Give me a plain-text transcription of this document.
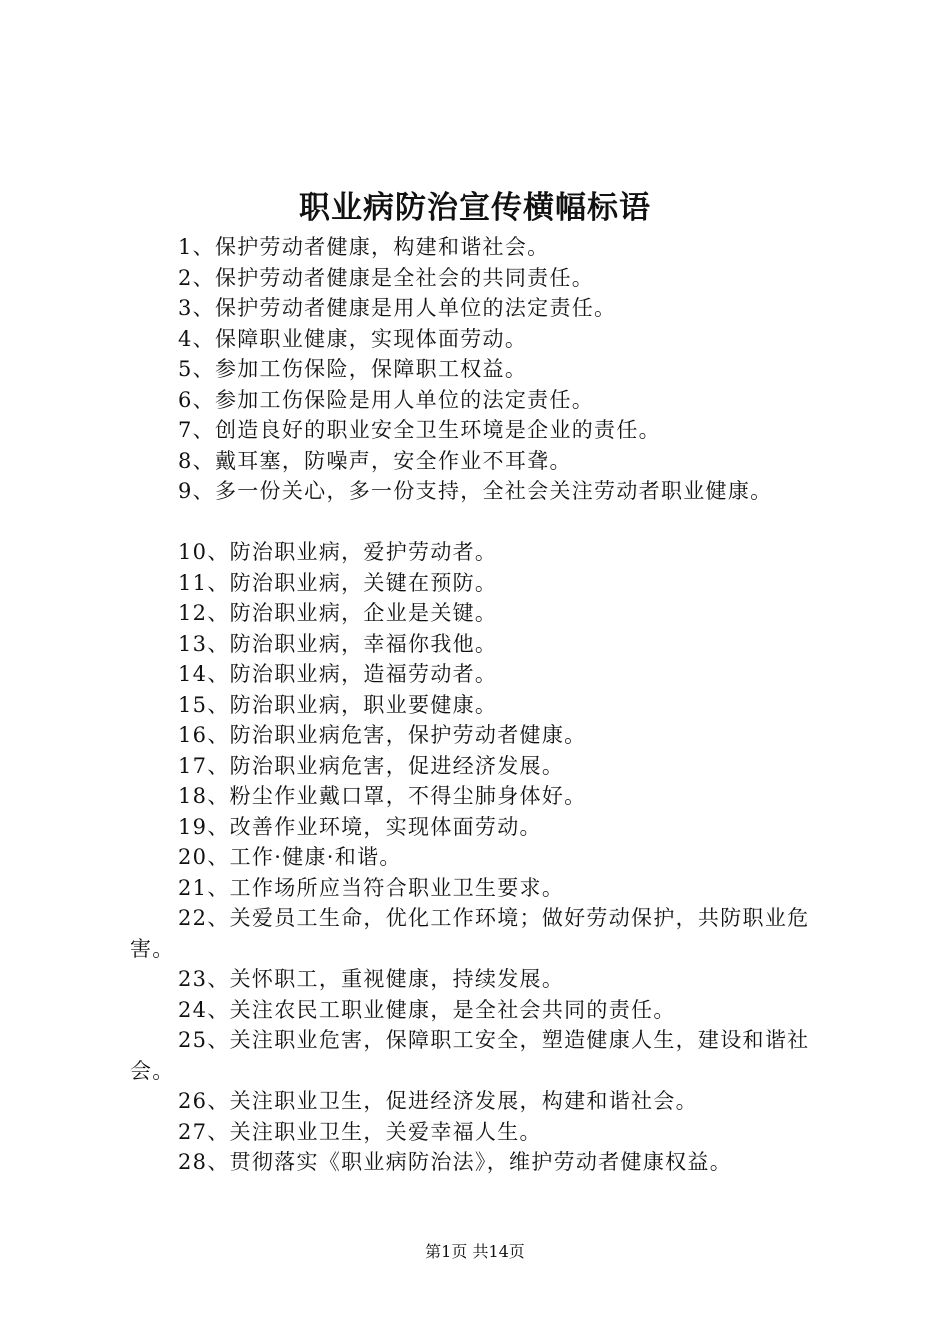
职业病防治宣传横幅标语
1、保护劳动者健康，构建和谐社会。
2、保护劳动者健康是全社会的共同责任。
3、保护劳动者健康是用人单位的法定责任。
4、保障职业健康，实现体面劳动。
5、参加工伤保险，保障职工权益。
6、参加工伤保险是用人单位的法定责任。
7、创造良好的职业安全卫生环境是企业的责任。
8、戴耳塞，防噪声，安全作业不耳聋。
9、多一份关心，多一份支持，全社会关注劳动者职业健康。
10、防治职业病，爱护劳动者。
11、防治职业病，关键在预防。
12、防治职业病，企业是关键。
13、防治职业病，幸福你我他。
14、防治职业病，造福劳动者。
15、防治职业病，职业要健康。
16、防治职业病危害，保护劳动者健康。
17、防治职业病危害，促进经济发展。
18、粉尘作业戴口罩，不得尘肺身体好。
19、改善作业环境，实现体面劳动。
20、工作·健康·和谐。
21、工作场所应当符合职业卫生要求。
22、关爱员工生命，优化工作环境；做好劳动保护，共防职业危害。
23、关怀职工，重视健康，持续发展。
24、关注农民工职业健康，是全社会共同的责任。
25、关注职业危害，保障职工安全，塑造健康人生，建设和谐社会。
26、关注职业卫生，促进经济发展，构建和谐社会。
27、关注职业卫生，关爱幸福人生。
28、贯彻落实《职业病防治法》，维护劳动者健康权益。
第1页 共14页
